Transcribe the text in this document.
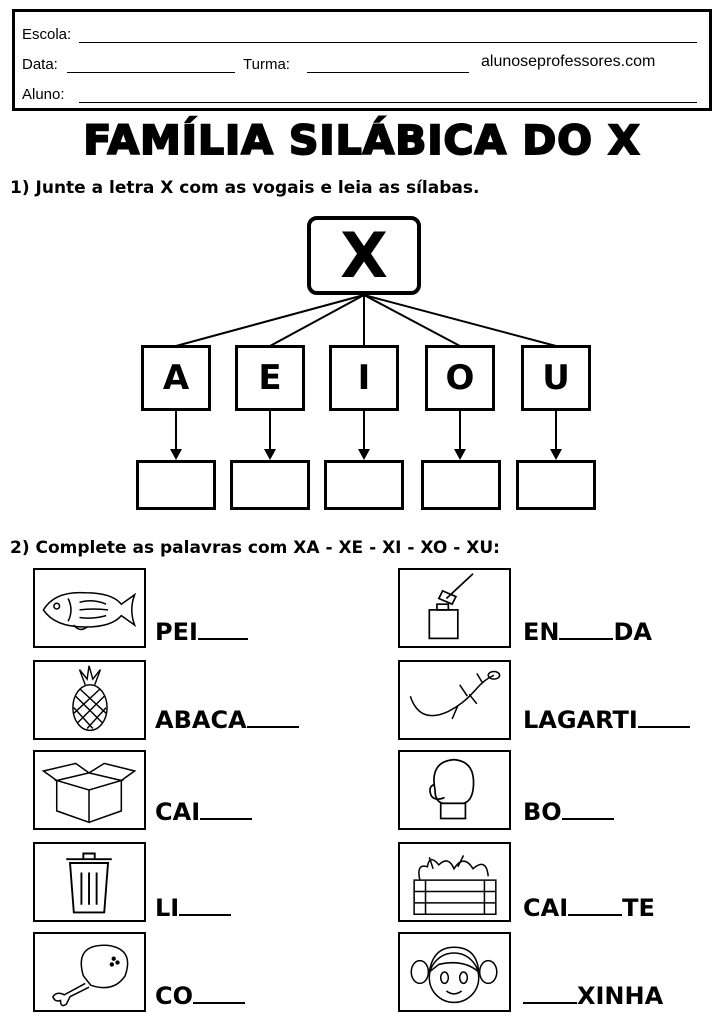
Escola:
Data:	Turma:	alunoseprofessores.com
Aluno:
FAMÍLIA SILÁBICA DO X
1) Junte a letra X com as vogais e leia as sílabas.
X
A	E	I	O	U
2) Complete as palavras com XA - XE - XI - XO - XU:
PEI
ABACA
CAI
LI
CO
EN DA
LAGARTI
BO
CAI TE
XINHA
